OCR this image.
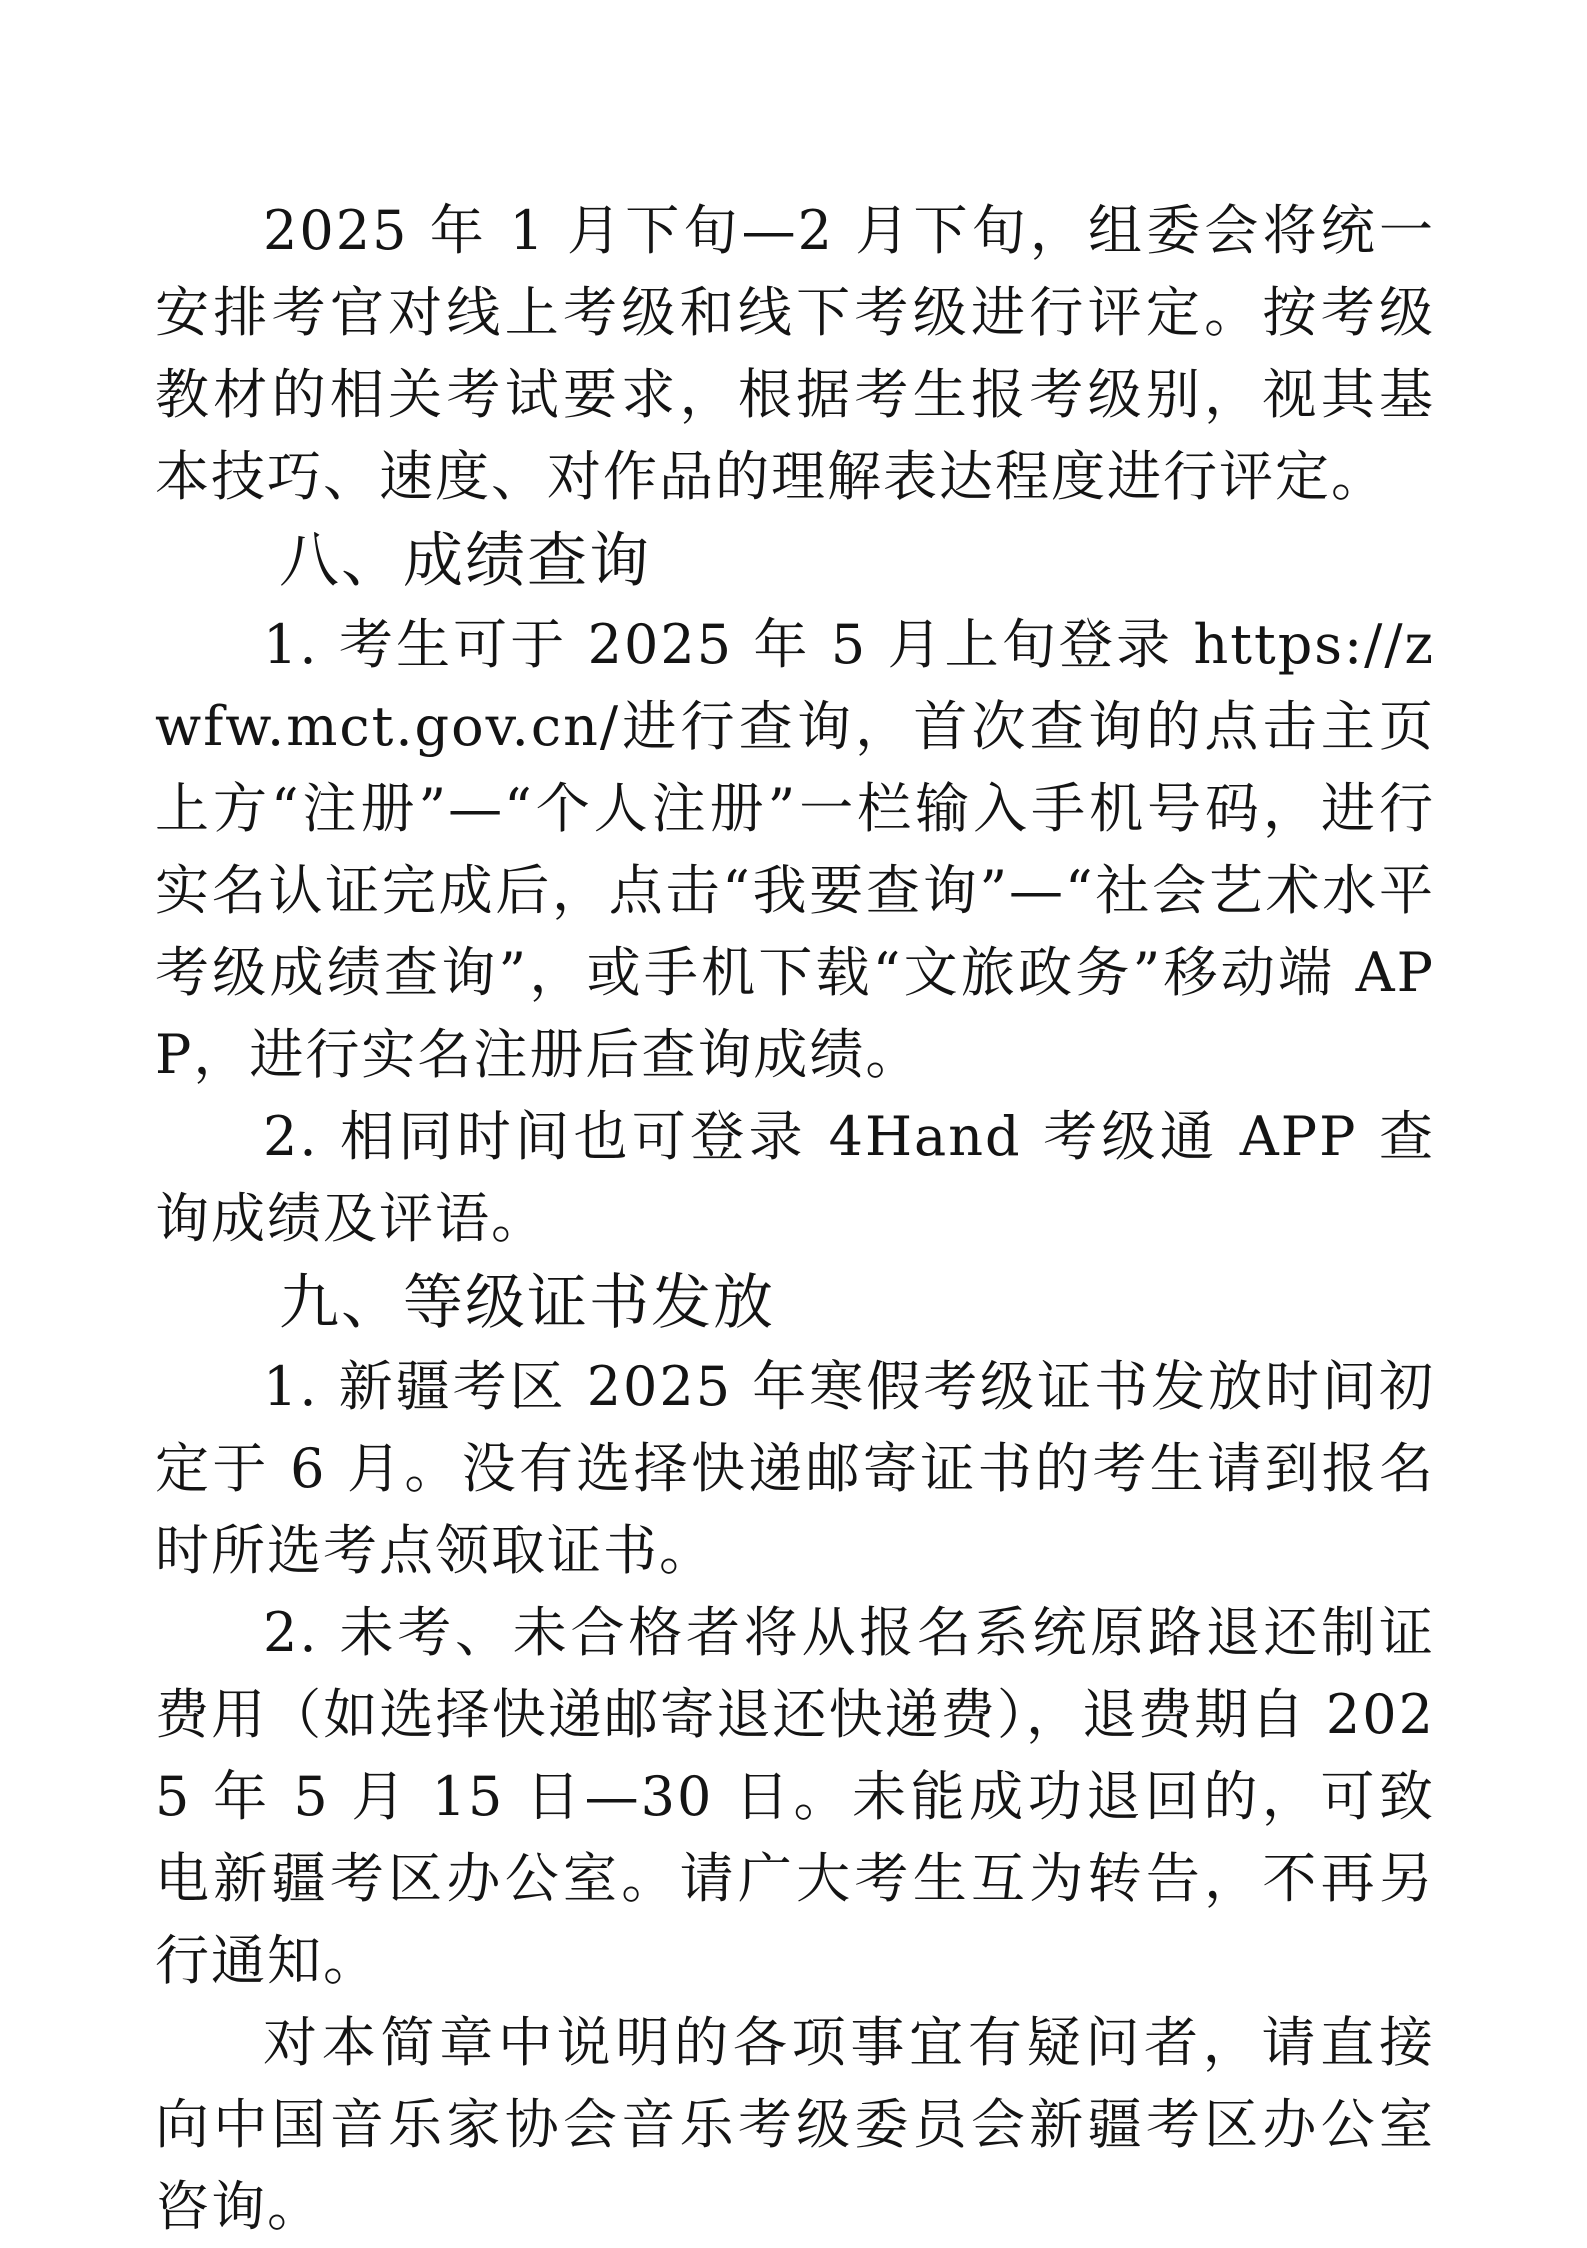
2025 年 1 月下旬—2 月下旬，组委会将统一安排考官对线上考级和线下考级进行评定。按考级教材的相关考试要求，根据考生报考级别，视其基本技巧、速度、对作品的理解表达程度进行评定。

八、成绩查询

1. 考生可于 2025 年 5 月上旬登录 https://zwfw.mct.gov.cn/进行查询，首次查询的点击主页上方“注册”—“个人注册”一栏输入手机号码，进行实名认证完成后，点击“我要查询”—“社会艺术水平考级成绩查询”，或手机下载“文旅政务”移动端 APP，进行实名注册后查询成绩。

2. 相同时间也可登录 4Hand 考级通 APP 查询成绩及评语。

九、等级证书发放

1. 新疆考区 2025 年寒假考级证书发放时间初定于 6 月。没有选择快递邮寄证书的考生请到报名时所选考点领取证书。

2. 未考、未合格者将从报名系统原路退还制证费用（如选择快递邮寄退还快递费），退费期自 2025 年 5 月 15 日—30 日。未能成功退回的，可致电新疆考区办公室。请广大考生互为转告，不再另行通知。

对本简章中说明的各项事宜有疑问者，请直接向中国音乐家协会音乐考级委员会新疆考区办公室咨询。
